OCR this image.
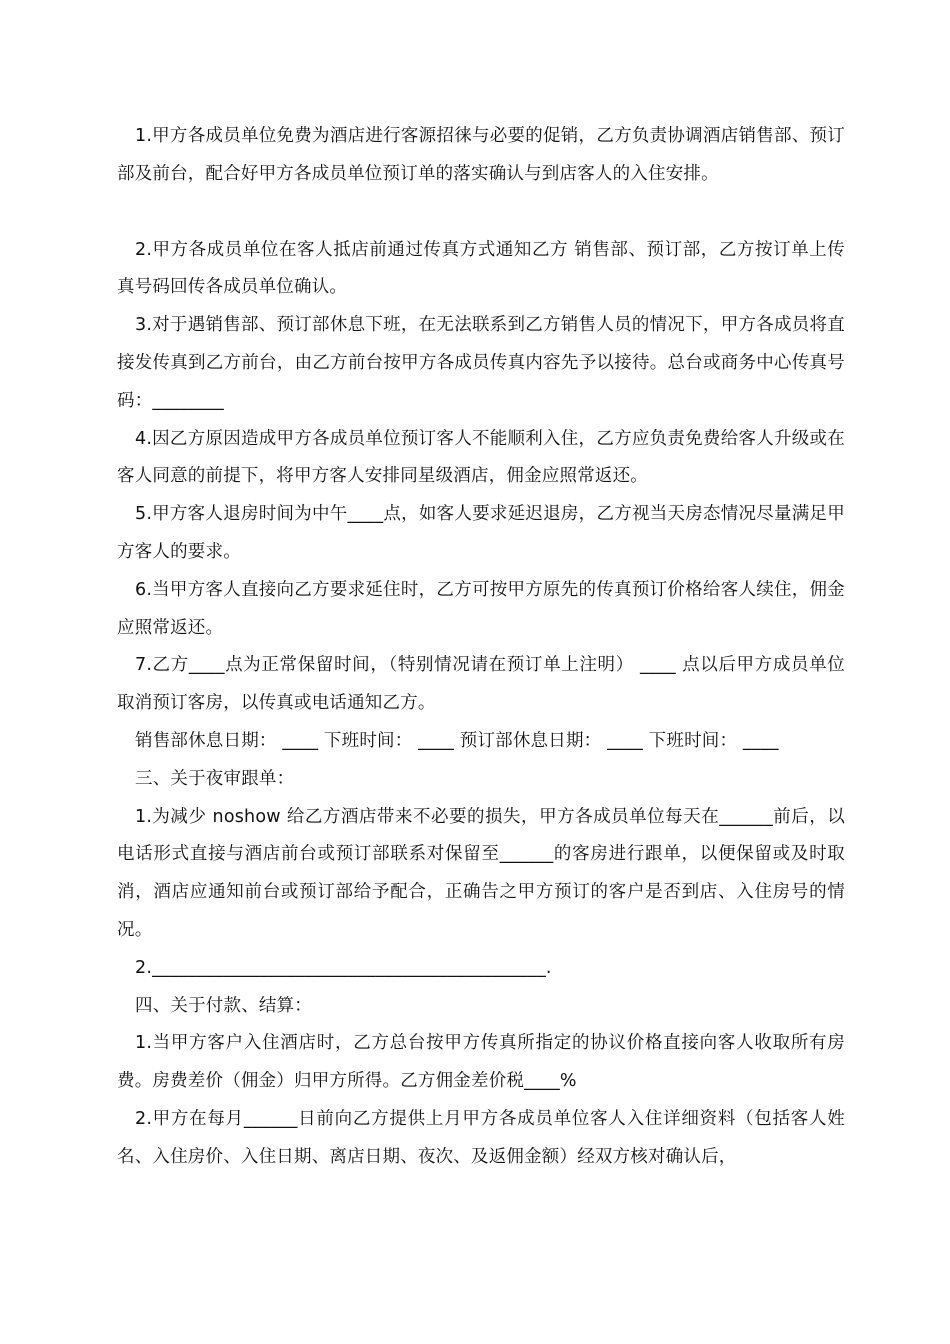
1.甲方各成员单位免费为酒店进行客源招徕与必要的促销，乙方负责协调酒店销售部、预订部及前台，配合好甲方各成员单位预订单的落实确认与到店客人的入住安排。

2.甲方各成员单位在客人抵店前通过传真方式通知乙方 销售部、预订部，乙方按订单上传真号码回传各成员单位确认。

3.对于遇销售部、预订部休息下班，在无法联系到乙方销售人员的情况下，甲方各成员将直接发传真到乙方前台，由乙方前台按甲方各成员传真内容先予以接待。总台或商务中心传真号码：________

4.因乙方原因造成甲方各成员单位预订客人不能顺利入住，乙方应负责免费给客人升级或在客人同意的前提下，将甲方客人安排同星级酒店，佣金应照常返还。

5.甲方客人退房时间为中午____点，如客人要求延迟退房，乙方视当天房态情况尽量满足甲方客人的要求。

6.当甲方客人直接向乙方要求延住时，乙方可按甲方原先的传真预订价格给客人续住，佣金应照常返还。

7.乙方____点为正常保留时间，（特别情况请在预订单上注明） ____ 点以后甲方成员单位取消预订客房，以传真或电话通知乙方。

销售部休息日期： ____ 下班时间： ____ 预订部休息日期： ____ 下班时间： ____

三、关于夜审跟单：

1.为减少 noshow 给乙方酒店带来不必要的损失，甲方各成员单位每天在______前后，以电话形式直接与酒店前台或预订部联系对保留至______的客房进行跟单，以便保留或及时取消，酒店应通知前台或预订部给予配合，正确告之甲方预订的客户是否到店、入住房号的情况。

2.____________________________________________.

四、关于付款、结算：

1.当甲方客户入住酒店时，乙方总台按甲方传真所指定的协议价格直接向客人收取所有房费。房费差价（佣金）归甲方所得。乙方佣金差价税____%

2.甲方在每月______日前向乙方提供上月甲方各成员单位客人入住详细资料（包括客人姓名、入住房价、入住日期、离店日期、夜次、及返佣金额）经双方核对确认后，
